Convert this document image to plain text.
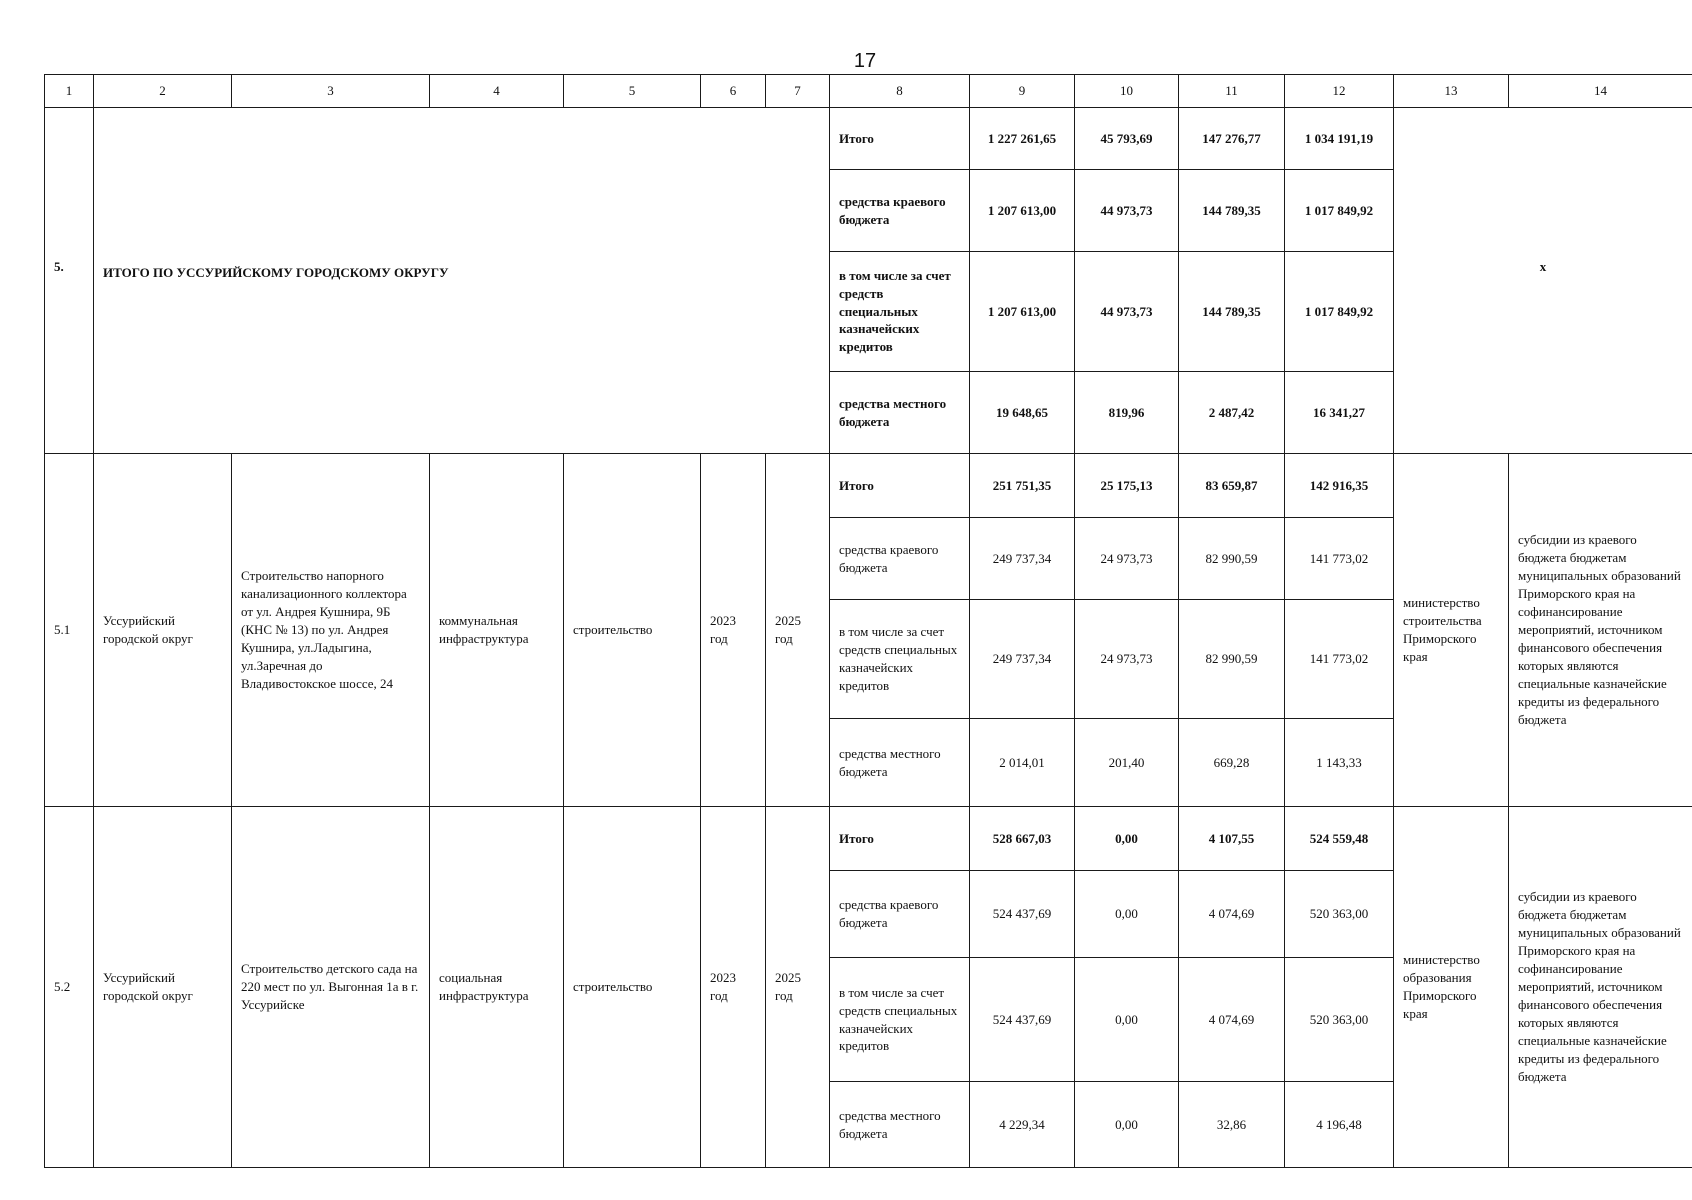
17
1	2	3	4	5	6	7	8	9	10	11	12	13	14
5.	ИТОГО ПО УССУРИЙСКОМУ ГОРОДСКОМУ ОКРУГУ						Итого	1 227 261,65	45 793,69	147 276,77	1 034 191,19	х	
							средства краевого бюджета	1 207 613,00	44 973,73	144 789,35	1 017 849,92		
							в том числе за счет средств специальных казначейских кредитов	1 207 613,00	44 973,73	144 789,35	1 017 849,92		
							средства местного бюджета	19 648,65	819,96	2 487,42	16 341,27		
5.1	Уссурийский городской округ	Строительство напорного канализационного коллектора от ул. Андрея Кушнира, 9Б (КНС № 13) по ул. Андрея Кушнира, ул.Ладыгина, ул.Заречная до Владивостокское шоссе, 24	коммунальная инфраструктура	строительство	2023 год	2025 год	Итого	251 751,35	25 175,13	83 659,87	142 916,35	министерство строительства Приморского края	субсидии из краевого бюджета бюджетам муниципальных образований Приморского края на софинансирование мероприятий, источником финансового обеспечения которых являются специальные казначейские кредиты из федерального бюджета
							средства краевого бюджета	249 737,34	24 973,73	82 990,59	141 773,02		
							в том числе за счет средств специальных казначейских кредитов	249 737,34	24 973,73	82 990,59	141 773,02		
							средства местного бюджета	2 014,01	201,40	669,28	1 143,33		
5.2	Уссурийский городской округ	Строительство детского сада на 220 мест по ул. Выгонная 1а в г. Уссурийске	социальная инфраструктура	строительство	2023 год	2025 год	Итого	528 667,03	0,00	4 107,55	524 559,48	министерство образования Приморского края	субсидии из краевого бюджета бюджетам муниципальных образований Приморского края на софинансирование мероприятий, источником финансового обеспечения которых являются специальные казначейские кредиты из федерального бюджета
							средства краевого бюджета	524 437,69	0,00	4 074,69	520 363,00		
							в том числе за счет средств специальных казначейских кредитов	524 437,69	0,00	4 074,69	520 363,00		
							средства местного бюджета	4 229,34	0,00	32,86	4 196,48		
